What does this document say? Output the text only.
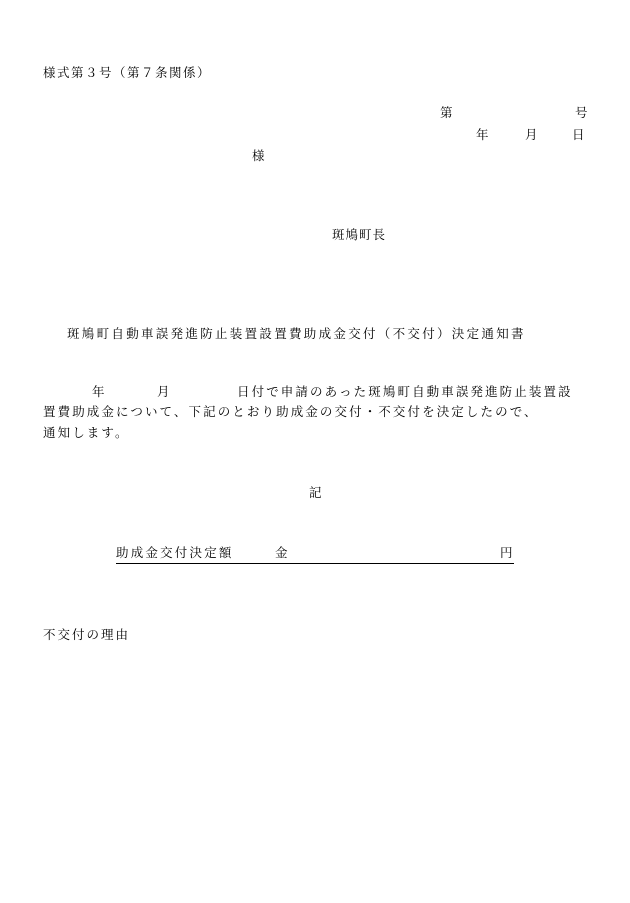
様式第３号（第７条関係）
第	号
年	月	日
様
斑鳩町長
斑鳩町自動車誤発進防止装置設置費助成金交付（不交付）決定通知書
年	月	日付で申請のあった斑鳩町自動車誤発進防止装置設
置費助成金について、下記のとおり助成金の交付・不交付を決定したので、
通知します。
記
助成金交付決定額	金	円
不交付の理由
